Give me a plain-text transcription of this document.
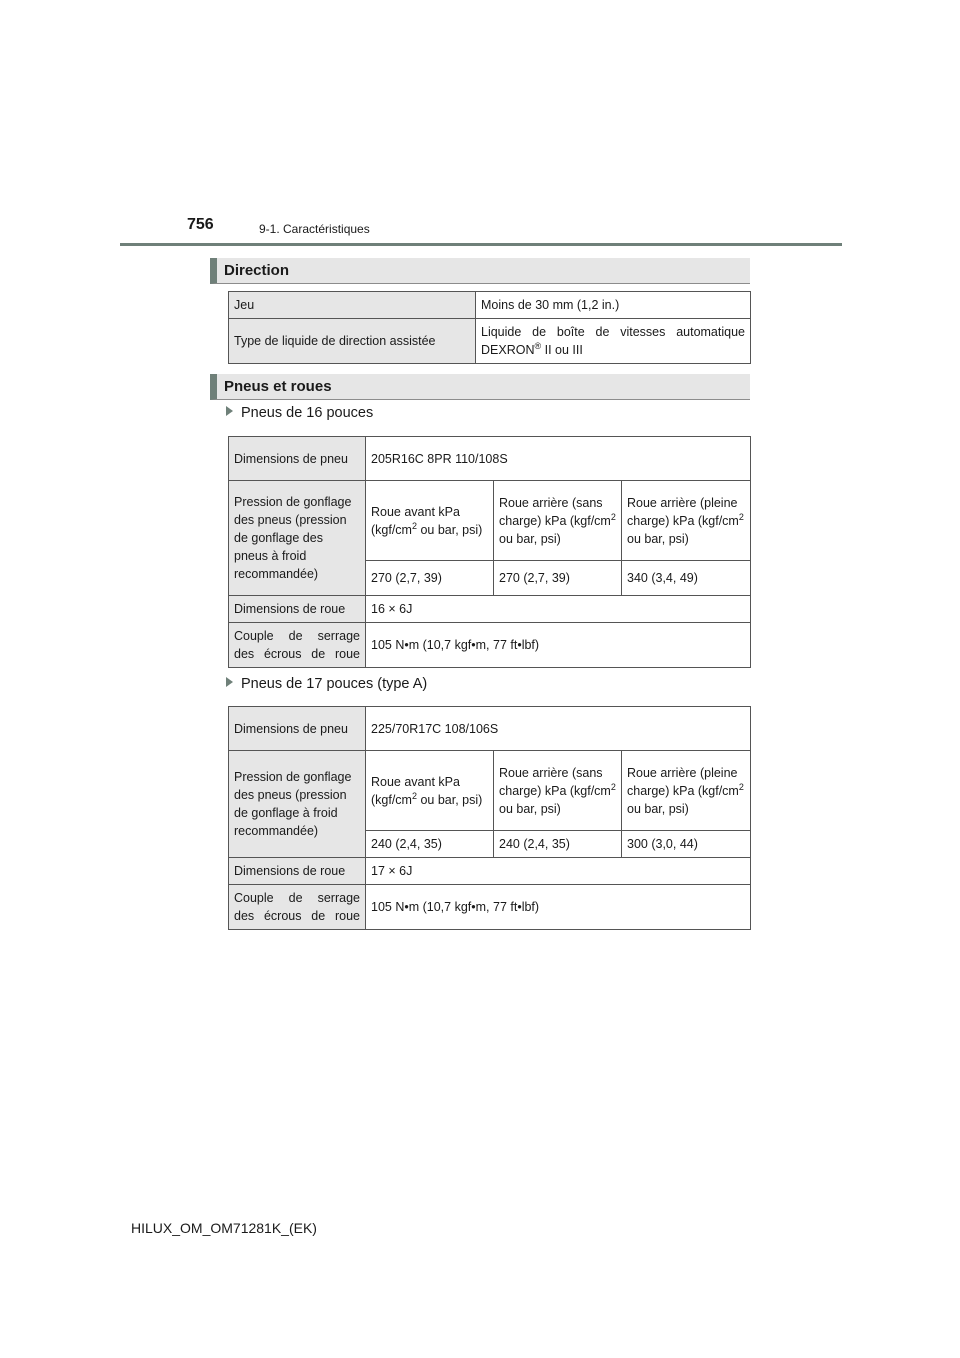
756	9-1. Caractéristiques
Direction
Jeu	Moins de 30 mm (1,2 in.)
Type de liquide de direction assistée	Liquide de boîte de vitesses automatique
DEXRON® II ou III
Pneus et roues
Pneus de 16 pouces
Dimensions de pneu	205R16C 8PR 110/108S		
Pression de gonflage des pneus (pression de gonflage des pneus à froid recommandée)	Roue avant kPa ($kgf/cm^2$ ou bar, psi)	Roue arrière (sans charge) kPa ($kgf/cm^2$ ou bar, psi)	Roue arrière (pleine charge) kPa ($kgf/cm^2$ ou bar, psi)
	270 (2,7, 39)	270 (2,7, 39)	340 (3,4, 49)
Dimensions de roue	16 × 6J		
Couple de serrage des écrous de roue	105 N•m (10,7 kgf•m, 77 ft•lbf)		
Pneus de 17 pouces (type A)
Dimensions de pneu	225/70R17C 108/106S		
Pression de gonflage des pneus (pression de gonflage à froid recommandée)	Roue avant kPa ($kgf/cm^2$ ou bar, psi)	Roue arrière (sans charge) kPa ($kgf/cm^2$ ou bar, psi)	Roue arrière (pleine charge) kPa ($kgf/cm^2$ ou bar, psi)
	240 (2,4, 35)	240 (2,4, 35)	300 (3,0, 44)
Dimensions de roue	17 × 6J		
Couple de serrage des écrous de roue	105 N•m (10,7 kgf•m, 77 ft•lbf)		
HILUX_OM_OM71281K_(EK)
